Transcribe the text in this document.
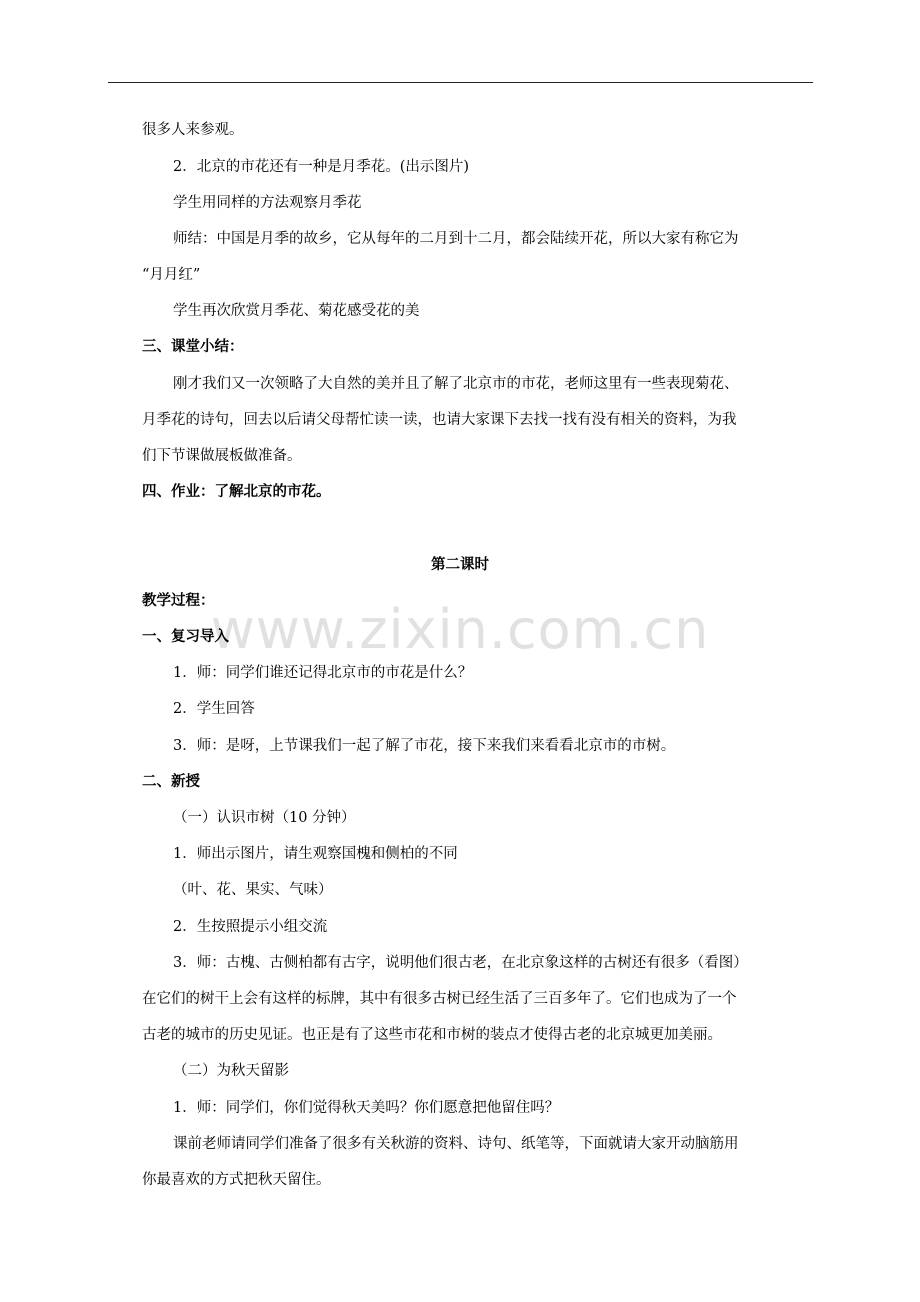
www.zixin.com.cn
很多人来参观。
2．北京的市花还有一种是月季花。(出示图片)
学生用同样的方法观察月季花
师结：中国是月季的故乡，它从每年的二月到十二月，都会陆续开花，所以大家有称它为
“月月红”
学生再次欣赏月季花、菊花感受花的美
三、课堂小结：
刚才我们又一次领略了大自然的美并且了解了北京市的市花，老师这里有一些表现菊花、
月季花的诗句，回去以后请父母帮忙读一读，也请大家课下去找一找有没有相关的资料，为我
们下节课做展板做准备。
四、作业：了解北京的市花。
第二课时
教学过程：
一、复习导入
1．师：同学们谁还记得北京市的市花是什么？
2．学生回答
3．师：是呀，上节课我们一起了解了市花，接下来我们来看看北京市的市树。
二、新授
（一）认识市树（10 分钟）
1．师出示图片，请生观察国槐和侧柏的不同
（叶、花、果实、气味）
2．生按照提示小组交流
3．师：古槐、古侧柏都有古字，说明他们很古老，在北京象这样的古树还有很多（看图）
在它们的树干上会有这样的标牌，其中有很多古树已经生活了三百多年了。它们也成为了一个
古老的城市的历史见证。也正是有了这些市花和市树的装点才使得古老的北京城更加美丽。
（二）为秋天留影
1．师：同学们，你们觉得秋天美吗？你们愿意把他留住吗？
课前老师请同学们准备了很多有关秋游的资料、诗句、纸笔等，下面就请大家开动脑筋用
你最喜欢的方式把秋天留住。
